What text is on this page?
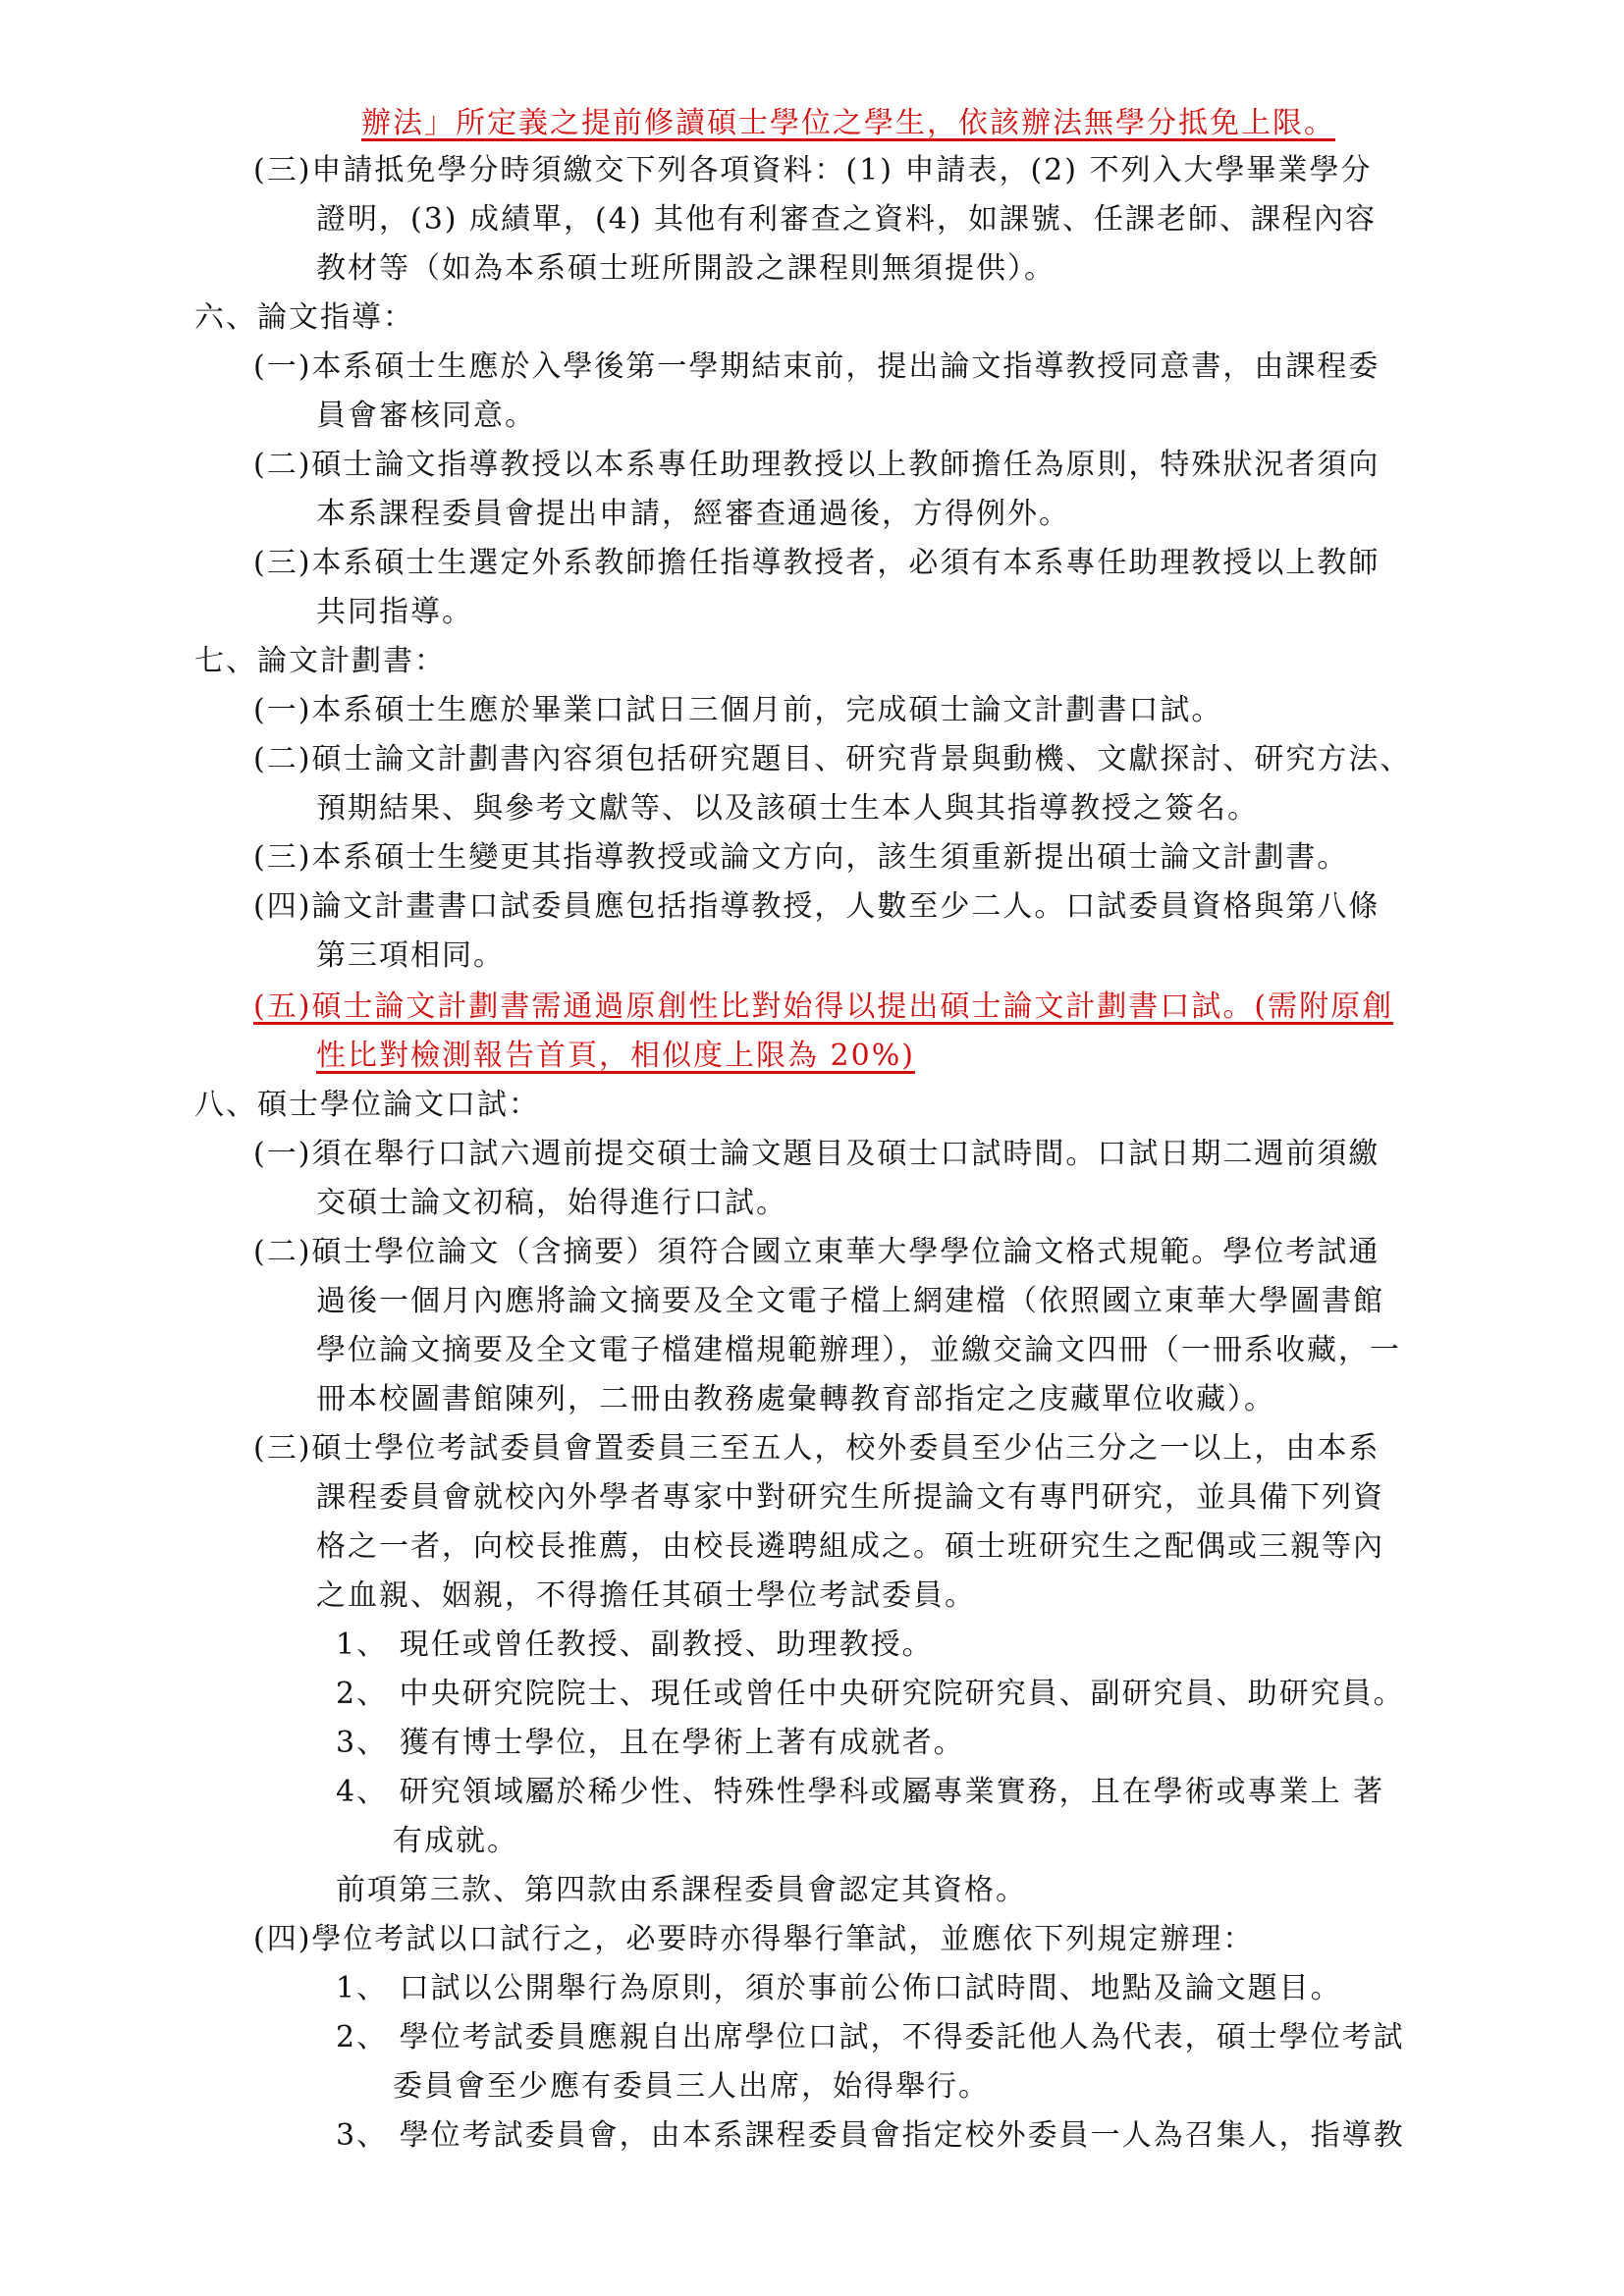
辦法」所定義之提前修讀碩士學位之學生，依該辦法無學分抵免上限。
(三)申請抵免學分時須繳交下列各項資料：(1) 申請表，(2) 不列入大學畢業學分
證明，(3) 成績單，(4) 其他有利審查之資料，如課號、任課老師、課程內容
教材等（如為本系碩士班所開設之課程則無須提供）。
六、論文指導：
(一)本系碩士生應於入學後第一學期結束前，提出論文指導教授同意書，由課程委
員會審核同意。
(二)碩士論文指導教授以本系專任助理教授以上教師擔任為原則，特殊狀況者須向
本系課程委員會提出申請，經審查通過後，方得例外。
(三)本系碩士生選定外系教師擔任指導教授者，必須有本系專任助理教授以上教師
共同指導。
七、論文計劃書：
(一)本系碩士生應於畢業口試日三個月前，完成碩士論文計劃書口試。
(二)碩士論文計劃書內容須包括研究題目、研究背景與動機、文獻探討、研究方法、
預期結果、與參考文獻等、以及該碩士生本人與其指導教授之簽名。
(三)本系碩士生變更其指導教授或論文方向，該生須重新提出碩士論文計劃書。
(四)論文計畫書口試委員應包括指導教授，人數至少二人。口試委員資格與第八條
第三項相同。
(五)碩士論文計劃書需通過原創性比對始得以提出碩士論文計劃書口試。(需附原創
性比對檢測報告首頁，相似度上限為 20%)
八、碩士學位論文口試：
(一)須在舉行口試六週前提交碩士論文題目及碩士口試時間。口試日期二週前須繳
交碩士論文初稿，始得進行口試。
(二)碩士學位論文（含摘要）須符合國立東華大學學位論文格式規範。學位考試通
過後一個月內應將論文摘要及全文電子檔上網建檔（依照國立東華大學圖書館
學位論文摘要及全文電子檔建檔規範辦理），並繳交論文四冊（一冊系收藏，一
冊本校圖書館陳列，二冊由教務處彙轉教育部指定之庋藏單位收藏）。
(三)碩士學位考試委員會置委員三至五人，校外委員至少佔三分之一以上，由本系
課程委員會就校內外學者專家中對研究生所提論文有專門研究，並具備下列資
格之一者，向校長推薦，由校長遴聘組成之。碩士班研究生之配偶或三親等內
之血親、姻親，不得擔任其碩士學位考試委員。
1、 現任或曾任教授、副教授、助理教授。
2、 中央研究院院士、現任或曾任中央研究院研究員、副研究員、助研究員。
3、 獲有博士學位，且在學術上著有成就者。
4、 研究領域屬於稀少性、特殊性學科或屬專業實務，且在學術或專業上 著
有成就。
前項第三款、第四款由系課程委員會認定其資格。
(四)學位考試以口試行之，必要時亦得舉行筆試，並應依下列規定辦理：
1、 口試以公開舉行為原則，須於事前公佈口試時間、地點及論文題目。
2、 學位考試委員應親自出席學位口試，不得委託他人為代表，碩士學位考試
委員會至少應有委員三人出席，始得舉行。
3、 學位考試委員會，由本系課程委員會指定校外委員一人為召集人，指導教
